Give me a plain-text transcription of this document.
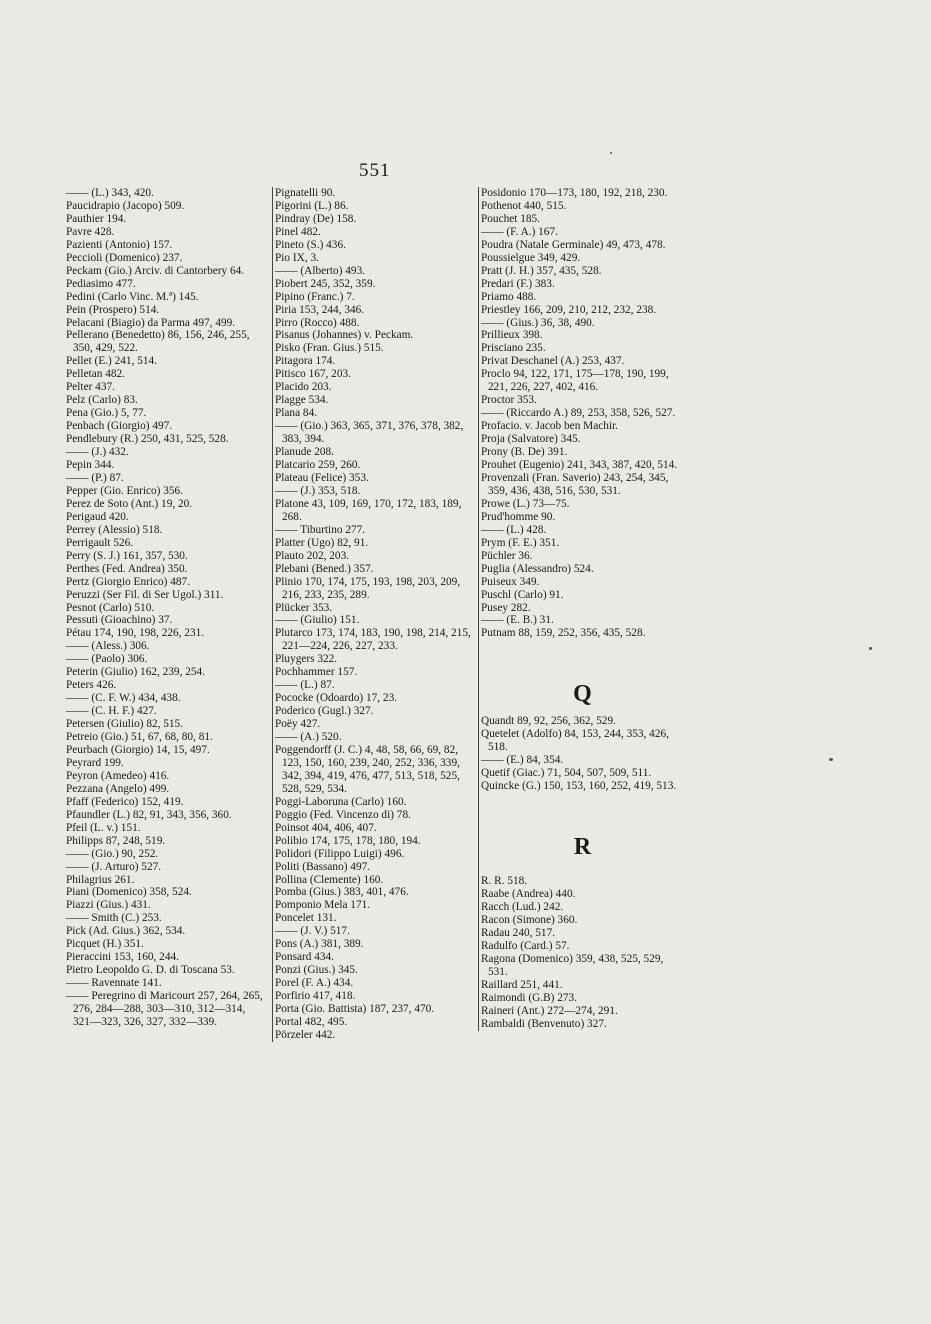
551
—— (L.) 343, 420.
Paucidrapio (Jacopo) 509.
Pauthier 194.
Pavre 428.
Pazienti (Antonio) 157.
Peccioli (Domenico) 237.
Peckam (Gio.) Arciv. di Cantorbery 64.
Pediasimo 477.
Pedini (Carlo Vinc. M.ª) 145.
Pein (Prospero) 514.
Pelacani (Biagio) da Parma 497, 499.
Pellerano (Benedetto) 86, 156, 246, 255, 350, 429, 522.
Pellet (E.) 241, 514.
Pelletan 482.
Pelter 437.
Pelz (Carlo) 83.
Pena (Gio.) 5, 77.
Penbach (Giorgio) 497.
Pendlebury (R.) 250, 431, 525, 528.
—— (J.) 432.
Pepin 344.
—— (P.) 87.
Pepper (Gio. Enrico) 356.
Perez de Soto (Ant.) 19, 20.
Perigaud 420.
Perrey (Alessio) 518.
Perrigault 526.
Perry (S. J.) 161, 357, 530.
Perthes (Fed. Andrea) 350.
Pertz (Giorgio Enrico) 487.
Peruzzi (Ser Fil. di Ser Ugol.) 311.
Pesnot (Carlo) 510.
Pessuti (Gioachino) 37.
Pétau 174, 190, 198, 226, 231.
—— (Aless.) 306.
—— (Paolo) 306.
Peterin (Giulio) 162, 239, 254.
Peters 426.
—— (C. F. W.) 434, 438.
—— (C. H. F.) 427.
Petersen (Giulio) 82, 515.
Petreio (Gio.) 51, 67, 68, 80, 81.
Peurbach (Giorgio) 14, 15, 497.
Peyrard 199.
Peyron (Amedeo) 416.
Pezzana (Angelo) 499.
Pfaff (Federico) 152, 419.
Pfaundler (L.) 82, 91, 343, 356, 360.
Pfeil (L. v.) 151.
Philipps 87, 248, 519.
—— (Gio.) 90, 252.
—— (J. Arturo) 527.
Philagrius 261.
Piani (Domenico) 358, 524.
Piazzi (Gius.) 431.
—— Smith (C.) 253.
Pick (Ad. Gius.) 362, 534.
Picquet (H.) 351.
Pieraccini 153, 160, 244.
Pietro Leopoldo G. D. di Toscana 53.
—— Ravennate 141.
—— Peregrino di Maricourt 257, 264, 265, 276, 284—288, 303—310, 312—314, 321—323, 326, 327, 332—339.
Pignatelli 90.
Pigorini (L.) 86.
Pindray (De) 158.
Pinel 482.
Pineto (S.) 436.
Pio IX, 3.
—— (Alberto) 493.
Piobert 245, 352, 359.
Pipino (Franc.) 7.
Piria 153, 244, 346.
Pirro (Rocco) 488.
Pisanus (Johannes) v. Peckam.
Pisko (Fran. Gius.) 515.
Pitagora 174.
Pitisco 167, 203.
Placido 203.
Plagge 534.
Plana 84.
—— (Gio.) 363, 365, 371, 376, 378, 382, 383, 394.
Planude 208.
Platcario 259, 260.
Plateau (Felice) 353.
—— (J.) 353, 518.
Platone 43, 109, 169, 170, 172, 183, 189, 268.
—— Tiburtino 277.
Platter (Ugo) 82, 91.
Plauto 202, 203.
Plebani (Bened.) 357.
Plinio 170, 174, 175, 193, 198, 203, 209, 216, 233, 235, 289.
Plücker 353.
—— (Giulio) 151.
Plutarco 173, 174, 183, 190, 198, 214, 215, 221—224, 226, 227, 233.
Pluygers 322.
Pochhammer 157.
—— (L.) 87.
Pococke (Odoardo) 17, 23.
Poderico (Gugl.) 327.
Poëy 427.
—— (A.) 520.
Poggendorff (J. C.) 4, 48, 58, 66, 69, 82, 123, 150, 160, 239, 240, 252, 336, 339, 342, 394, 419, 476, 477, 513, 518, 525, 528, 529, 534.
Poggi-Laboruna (Carlo) 160.
Poggio (Fed. Vincenzo di) 78.
Poinsot 404, 406, 407.
Polibio 174, 175, 178, 180, 194.
Polidori (Filippo Luigi) 496.
Politi (Bassano) 497.
Pollina (Clemente) 160.
Pomba (Gius.) 383, 401, 476.
Pomponio Mela 171.
Poncelet 131.
—— (J. V.) 517.
Pons (A.) 381, 389.
Ponsard 434.
Ponzi (Gius.) 345.
Porel (F. A.) 434.
Porfirio 417, 418.
Porta (Gio. Battista) 187, 237, 470.
Portal 482, 495.
Pörzeler 442.
Posidonio 170—173, 180, 192, 218, 230.
Pothenot 440, 515.
Pouchet 185.
—— (F. A.) 167.
Poudra (Natale Germinale) 49, 473, 478.
Poussielgue 349, 429.
Pratt (J. H.) 357, 435, 528.
Predari (F.) 383.
Priamo 488.
Priestley 166, 209, 210, 212, 232, 238.
—— (Gius.) 36, 38, 490.
Prillieux 398.
Prisciano 235.
Privat Deschanel (A.) 253, 437.
Proclo 94, 122, 171, 175—178, 190, 199, 221, 226, 227, 402, 416.
Proctor 353.
—— (Riccardo A.) 89, 253, 358, 526, 527.
Profacio. v. Jacob ben Machir.
Proja (Salvatore) 345.
Prony (B. De) 391.
Prouhet (Eugenio) 241, 343, 387, 420, 514.
Provenzali (Fran. Saverio) 243, 254, 345, 359, 436, 438, 516, 530, 531.
Prowe (L.) 73—75.
Prud'homme 90.
—— (L.) 428.
Prym (F. E.) 351.
Püchler 36.
Puglia (Alessandro) 524.
Puiseux 349.
Puschl (Carlo) 91.
Pusey 282.
—— (E. B.) 31.
Putnam 88, 159, 252, 356, 435, 528.
Q
Quandt 89, 92, 256, 362, 529.
Quetelet (Adolfo) 84, 153, 244, 353, 426, 518.
—— (E.) 84, 354.
Quetif (Giac.) 71, 504, 507, 509, 511.
Quincke (G.) 150, 153, 160, 252, 419, 513.
R
R. R. 518.
Raabe (Andrea) 440.
Racch (Lud.) 242.
Racon (Simone) 360.
Radau 240, 517.
Radulfo (Card.) 57.
Ragona (Domenico) 359, 438, 525, 529, 531.
Raillard 251, 441.
Raimondi (G.B) 273.
Raineri (Ant.) 272—274, 291.
Rambaldi (Benvenuto) 327.
